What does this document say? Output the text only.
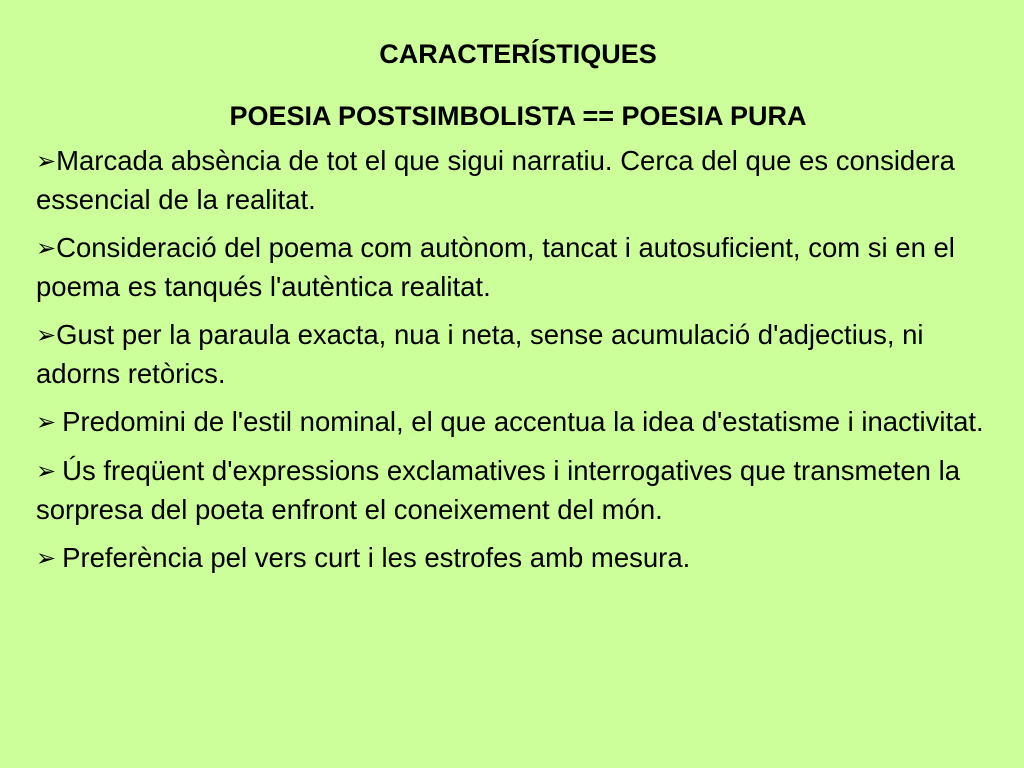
CARACTERÍSTIQUES
POESIA POSTSIMBOLISTA == POESIA PURA
➢Marcada absència de tot el que sigui narratiu. Cerca del que es considera essencial de la realitat.
➢Consideració del poema com autònom, tancat i autosuficient, com si en el poema es tanqués l'autèntica realitat.
➢Gust per la paraula exacta, nua i neta, sense acumulació d'adjectius, ni adorns retòrics.
➢ Predomini de l'estil nominal, el que accentua la idea d'estatisme i inactivitat.
➢ Ús freqüent d'expressions exclamatives i interrogatives que transmeten la sorpresa del poeta enfront el coneixement del món.
➢ Preferència pel vers curt i les estrofes amb mesura.
